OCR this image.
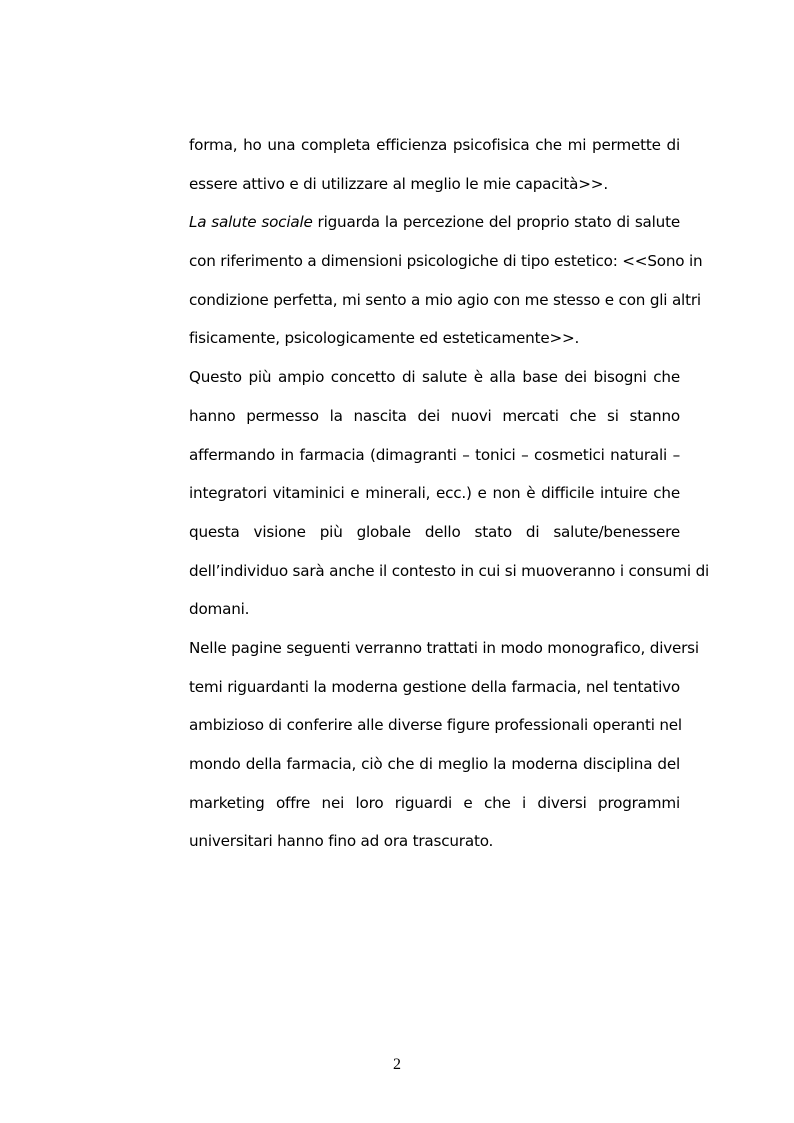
forma, ho una completa efficienza psicofisica che mi permette di
essere attivo e di utilizzare al meglio le mie capacità>>.
La salute sociale riguarda la percezione del proprio stato di salute
con riferimento a dimensioni psicologiche di tipo estetico: <<Sono in
condizione perfetta, mi sento a mio agio con me stesso e con gli altri
fisicamente, psicologicamente ed esteticamente>>.
Questo più ampio concetto di salute è alla base dei bisogni che
hanno permesso la nascita dei nuovi mercati che si stanno
affermando in farmacia (dimagranti – tonici – cosmetici naturali –
integratori vitaminici e minerali, ecc.) e non è difficile intuire che
questa visione più globale dello stato di salute/benessere
dell’individuo sarà anche il contesto in cui si muoveranno i consumi di
domani.
Nelle pagine seguenti verranno trattati in modo monografico, diversi
temi riguardanti la moderna gestione della farmacia, nel tentativo
ambizioso di conferire alle diverse figure professionali operanti nel
mondo della farmacia, ciò che di meglio la moderna disciplina del
marketing offre nei loro riguardi e che i diversi programmi
universitari hanno fino ad ora trascurato.
2
